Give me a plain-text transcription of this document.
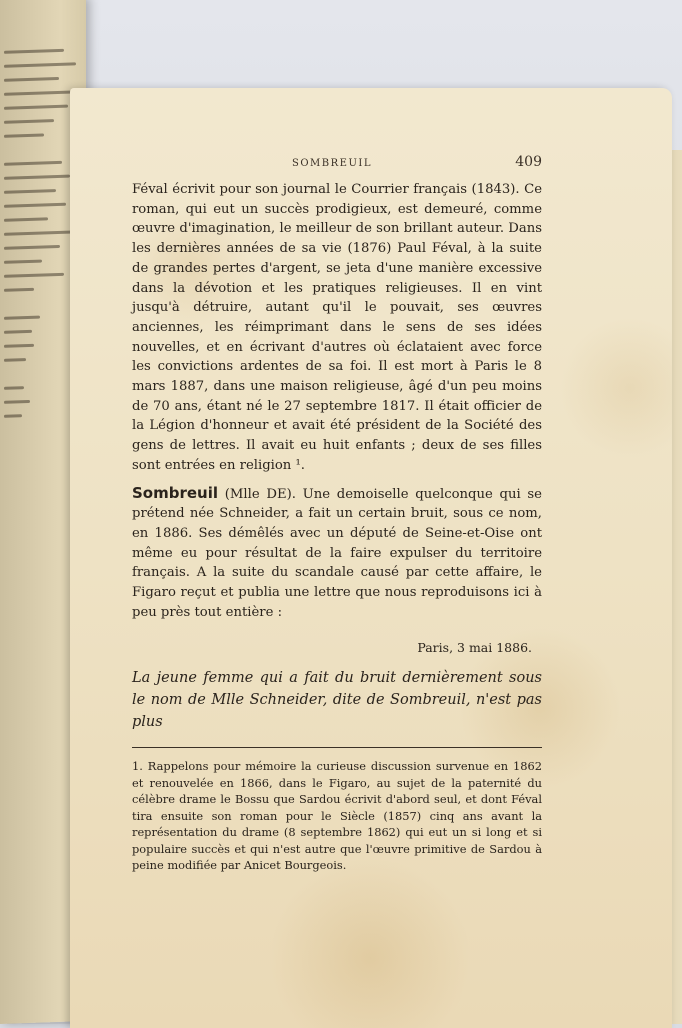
SOMBREUIL	409

Féval écrivit pour son journal le Courrier français (1843). Ce roman, qui eut un succès prodigieux, est demeuré, comme œuvre d'imagination, le meilleur de son brillant auteur. Dans les dernières années de sa vie (1876) Paul Féval, à la suite de grandes pertes d'argent, se jeta d'une manière excessive dans la dévotion et les pratiques religieuses. Il en vint jusqu'à détruire, autant qu'il le pouvait, ses œuvres anciennes, les réimprimant dans le sens de ses idées nouvelles, et en écrivant d'autres où éclataient avec force les convictions ardentes de sa foi. Il est mort à Paris le 8 mars 1887, dans une maison religieuse, âgé d'un peu moins de 70 ans, étant né le 27 septembre 1817. Il était officier de la Légion d'honneur et avait été président de la Société des gens de lettres. Il avait eu huit enfants ; deux de ses filles sont entrées en religion ¹.

Sombreuil (Mlle DE). Une demoiselle quelconque qui se prétend née Schneider, a fait un certain bruit, sous ce nom, en 1886. Ses démêlés avec un député de Seine-et-Oise ont même eu pour résultat de la faire expulser du territoire français. A la suite du scandale causé par cette affaire, le Figaro reçut et publia une lettre que nous reproduisons ici à peu près tout entière :

Paris, 3 mai 1886.

La jeune femme qui a fait du bruit dernièrement sous le nom de Mlle Schneider, dite de Sombreuil, n'est pas plus

1. Rappelons pour mémoire la curieuse discussion survenue en 1862 et renouvelée en 1866, dans le Figaro, au sujet de la paternité du célèbre drame le Bossu que Sardou écrivit d'abord seul, et dont Féval tira ensuite son roman pour le Siècle (1857) cinq ans avant la représentation du drame (8 septembre 1862) qui eut un si long et si populaire succès et qui n'est autre que l'œuvre primitive de Sardou à peine modifiée par Anicet Bourgeois.
